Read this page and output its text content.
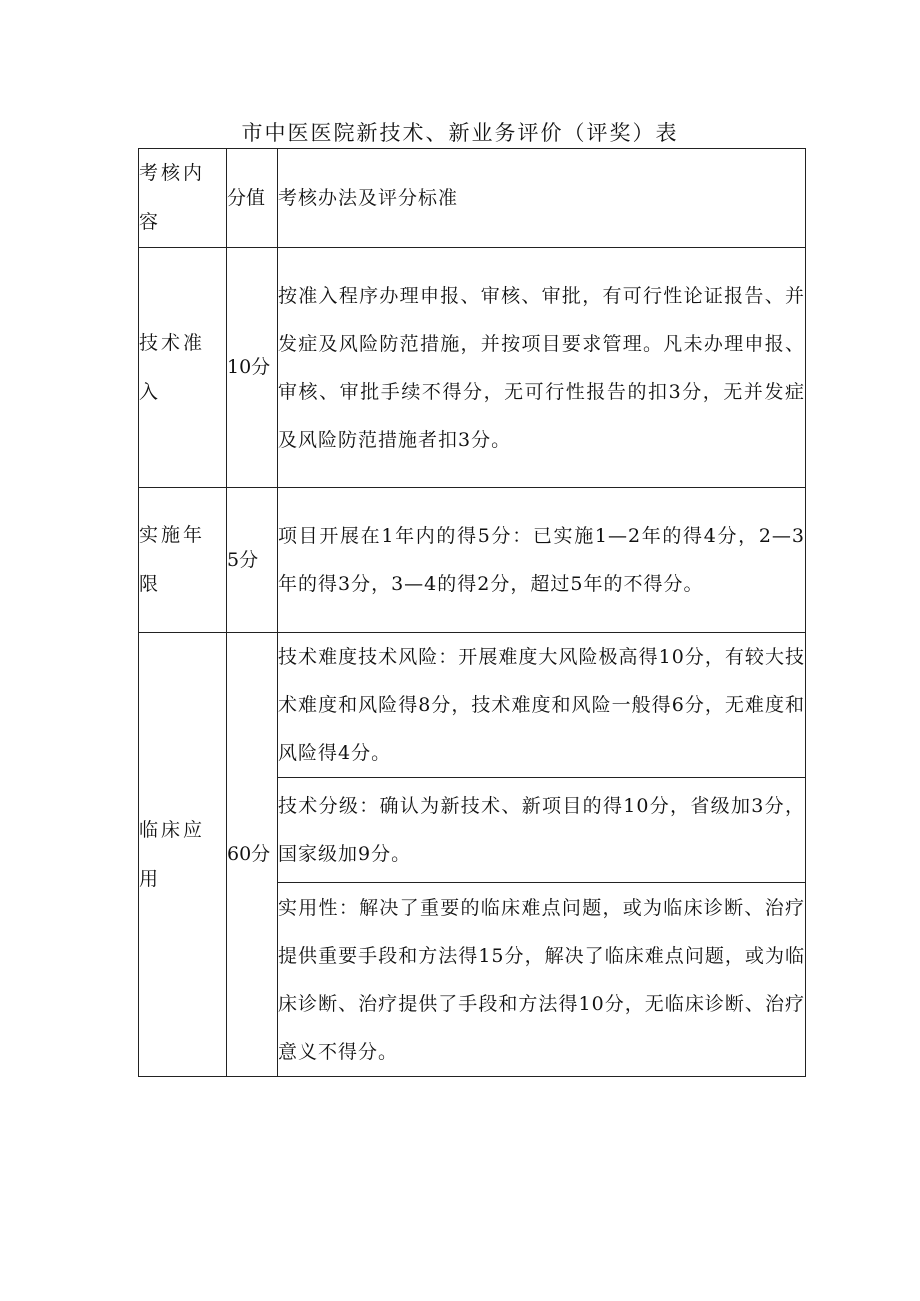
市中医医院新技术、新业务评价（评奖）表
考核内容	分值	考核办法及评分标准
技术准入	10分	按准入程序办理申报、审核、审批，有可行性论证报告、并发症及风险防范措施，并按项目要求管理。凡未办理申报、审核、审批手续不得分，无可行性报告的扣3分，无并发症及风险防范措施者扣3分。
实施年限	5分	项目开展在1年内的得5分：已实施1—2年的得4分，2—3年的得3分，3—4的得2分，超过5年的不得分。
临床应用	60分	技术难度技术风险：开展难度大风险极高得10分，有较大技术难度和风险得8分，技术难度和风险一般得6分，无难度和风险得4分。
		技术分级：确认为新技术、新项目的得10分，省级加3分，国家级加9分。
		实用性：解决了重要的临床难点问题，或为临床诊断、治疗提供重要手段和方法得15分，解决了临床难点问题，或为临床诊断、治疗提供了手段和方法得10分，无临床诊断、治疗意义不得分。
